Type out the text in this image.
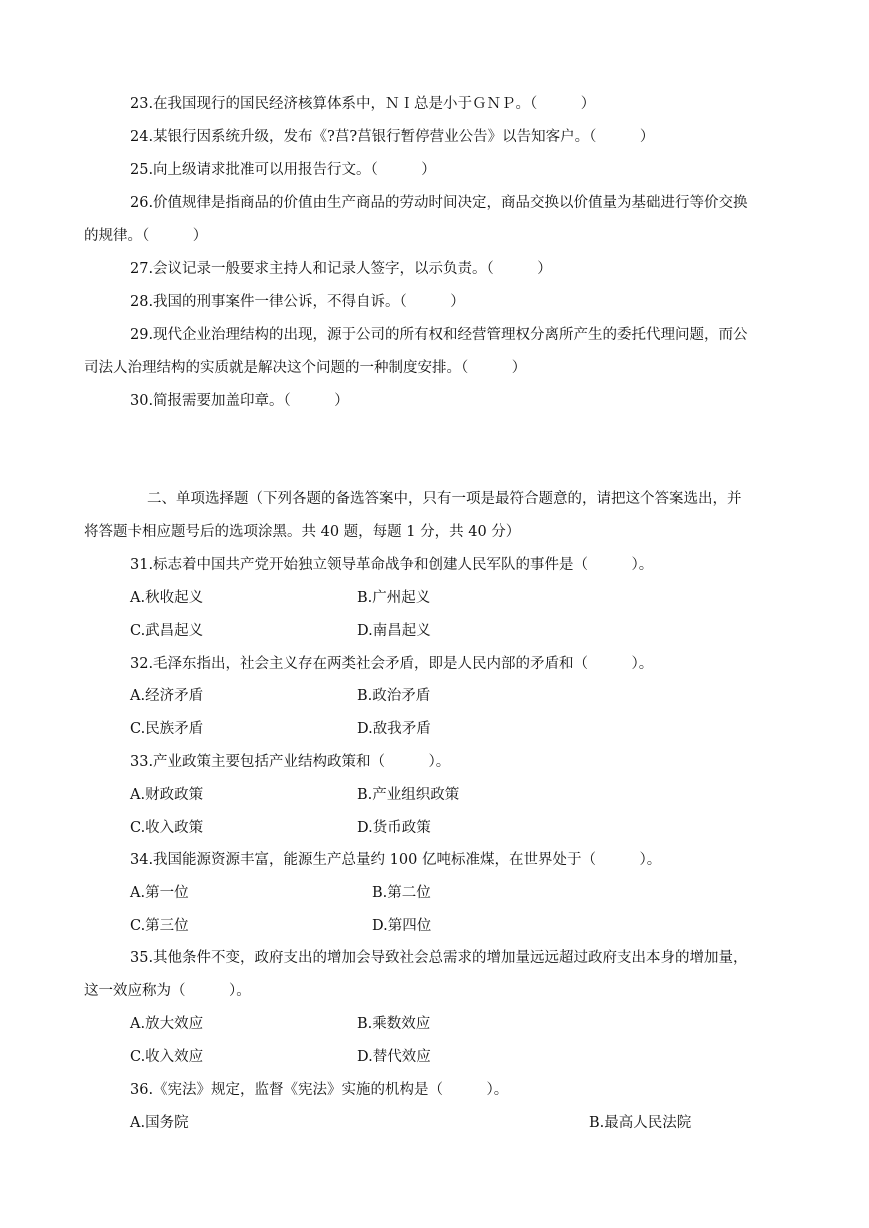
23.在我国现行的国民经济核算体系中，ＮＩ总是小于ＧＮＰ。（　　　）
24.某银行因系统升级，发布《?莒?莒银行暂停营业公告》以告知客户。（　　　）
25.向上级请求批准可以用报告行文。（　　　）
26.价值规律是指商品的价值由生产商品的劳动时间决定，商品交换以价值量为基础进行等价交换
的规律。（　　　）
27.会议记录一般要求主持人和记录人签字，以示负责。（　　　）
28.我国的刑事案件一律公诉，不得自诉。（　　　）
29.现代企业治理结构的出现，源于公司的所有权和经营管理权分离所产生的委托代理问题，而公
司法人治理结构的实质就是解决这个问题的一种制度安排。（　　　）
30.简报需要加盖印章。（　　　）
二、单项选择题（下列各题的备选答案中，只有一项是最符合题意的，请把这个答案选出，并
将答题卡相应题号后的选项涂黑。共 40 题，每题 1 分，共 40 分）
31.标志着中国共产党开始独立领导革命战争和创建人民军队的事件是（　　　）。
A.秋收起义	B.广州起义
C.武昌起义	D.南昌起义
32.毛泽东指出，社会主义存在两类社会矛盾，即是人民内部的矛盾和（　　　）。
A.经济矛盾	B.政治矛盾
C.民族矛盾	D.敌我矛盾
33.产业政策主要包括产业结构政策和（　　　）。
A.财政政策	B.产业组织政策
C.收入政策	D.货币政策
34.我国能源资源丰富，能源生产总量约 100 亿吨标准煤，在世界处于（　　　）。
A.第一位	B.第二位
C.第三位	D.第四位
35.其他条件不变，政府支出的增加会导致社会总需求的增加量远远超过政府支出本身的增加量，
这一效应称为（　　　）。
A.放大效应	B.乘数效应
C.收入效应	D.替代效应
36.《宪法》规定，监督《宪法》实施的机构是（　　　）。
A.国务院	B.最高人民法院
